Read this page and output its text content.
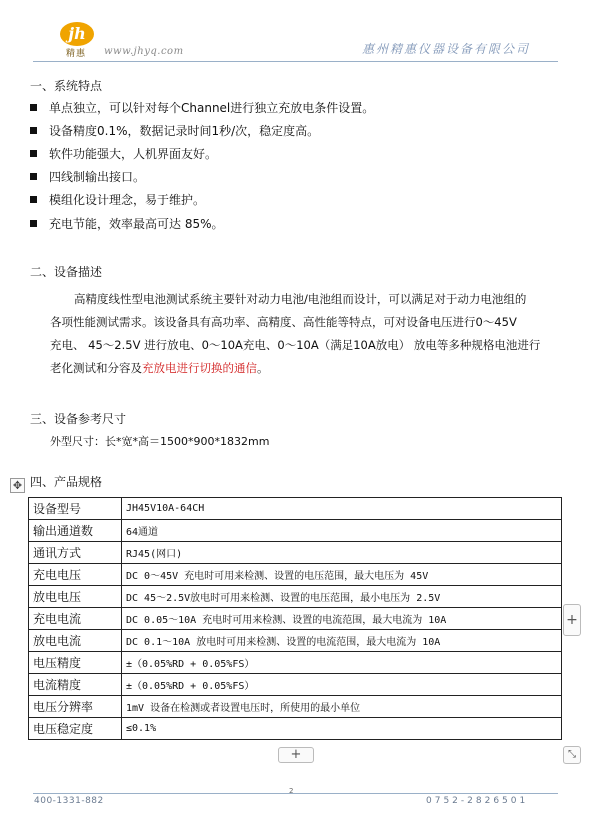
jh
精惠 www.jhyq.com	惠州精惠仪器设备有限公司
一、系统特点
单点独立，可以针对每个Channel进行独立充放电条件设置。
设备精度0.1%，数据记录时间1秒/次，稳定度高。
软件功能强大，人机界面友好。
四线制输出接口。
模组化设计理念，易于维护。
充电节能，效率最高可达 85%。
二、设备描述
高精度线性型电池测试系统主要针对动力电池/电池组而设计，可以满足对于动力电池组的
各项性能测试需求。该设备具有高功率、高精度、高性能等特点，可对设备电压进行0～45V
充电、 45～2.5V 进行放电、0～10A充电、0～10A（满足10A放电） 放电等多种规格电池进行
老化测试和分容及充放电进行切换的通信。
三、设备参考尺寸
外型尺寸：长*宽*高＝1500*900*1832mm
✥ 四、产品规格
设备型号	JH45V10A-64CH
输出通道数	64通道
通讯方式	RJ45(网口)
充电电压	DC 0～45V 充电时可用来检测、设置的电压范围，最大电压为 45V
放电电压	DC 45～2.5V放电时可用来检测、设置的电压范围，最小电压为 2.5V
充电电流	DC 0.05～10A 充电时可用来检测、设置的电流范围，最大电流为 10A
放电电流	DC 0.1～10A 放电时可用来检测、设置的电流范围，最大电流为 10A
电压精度	±（0.05%RD + 0.05%FS）
电流精度	±（0.05%RD + 0.05%FS）
电压分辨率	1mV 设备在检测或者设置电压时，所使用的最小单位
电压稳定度	≤0.1%
+
+	⤡
2
400-1331-882	0752-2826501
